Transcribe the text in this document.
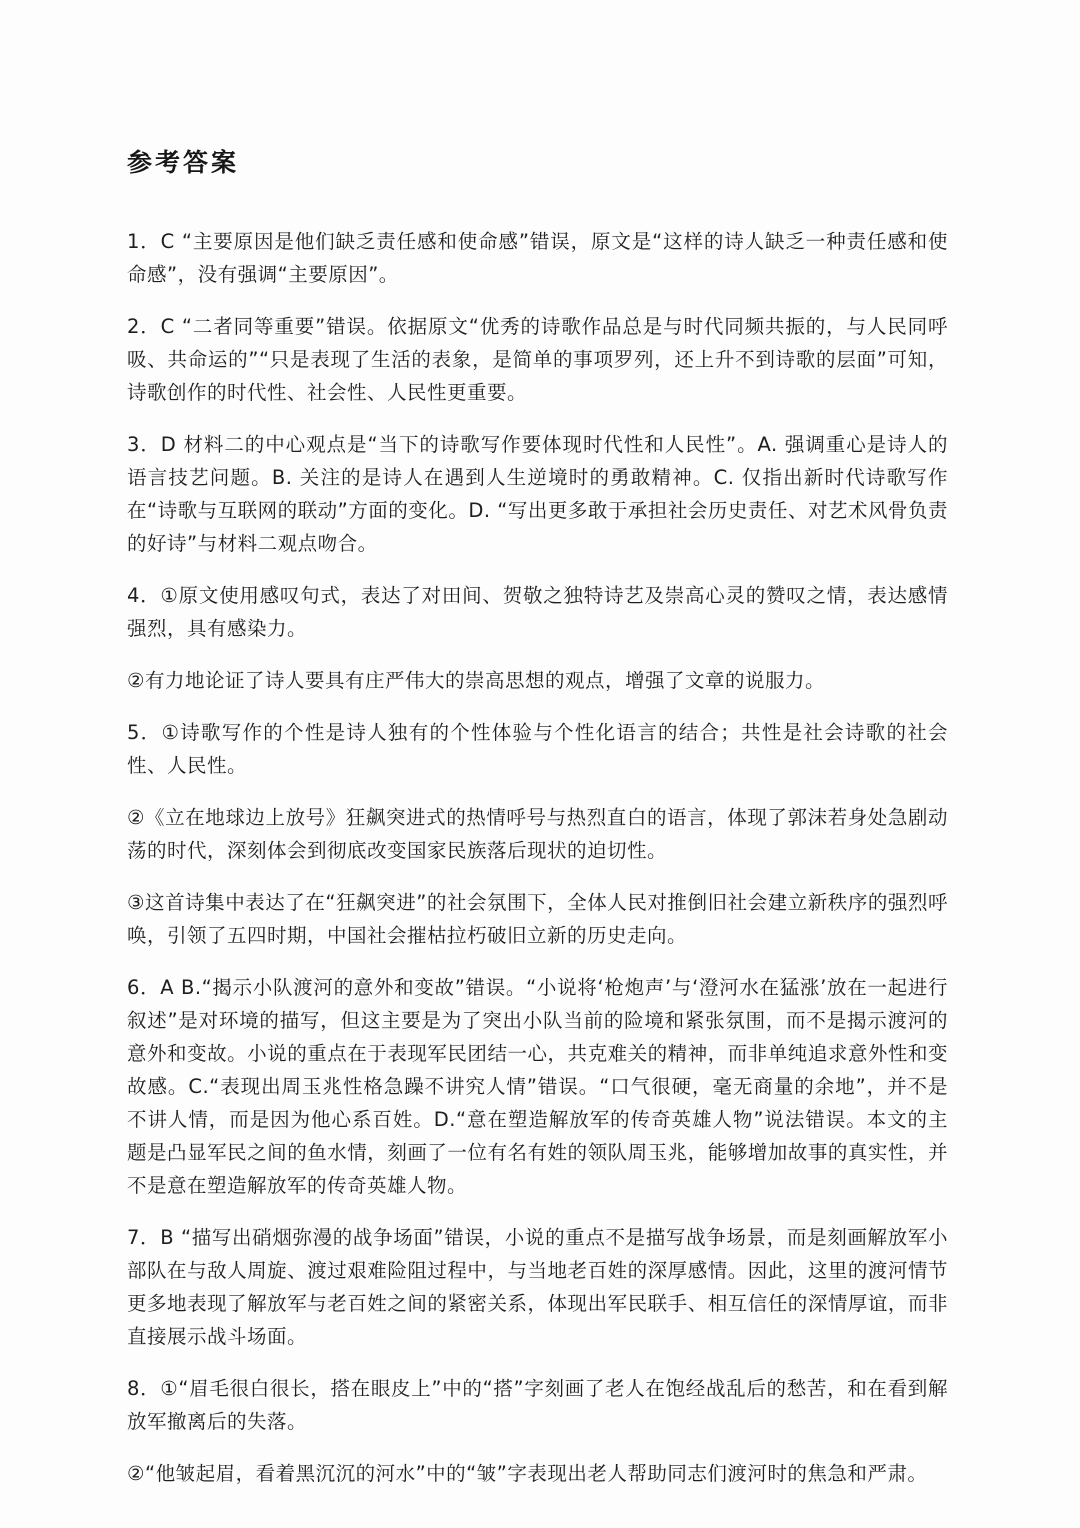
参考答案

1．C “主要原因是他们缺乏责任感和使命感”错误，原文是“这样的诗人缺乏一种责任感和使命感”，没有强调“主要原因”。

2．C “二者同等重要”错误。依据原文“优秀的诗歌作品总是与时代同频共振的，与人民同呼吸、共命运的”“只是表现了生活的表象，是简单的事项罗列，还上升不到诗歌的层面”可知，诗歌创作的时代性、社会性、人民性更重要。

3．D 材料二的中心观点是“当下的诗歌写作要体现时代性和人民性”。A. 强调重心是诗人的语言技艺问题。B. 关注的是诗人在遇到人生逆境时的勇敢精神。C. 仅指出新时代诗歌写作在“诗歌与互联网的联动”方面的变化。D. “写出更多敢于承担社会历史责任、对艺术风骨负责的好诗”与材料二观点吻合。

4．①原文使用感叹句式，表达了对田间、贺敬之独特诗艺及崇高心灵的赞叹之情，表达感情强烈，具有感染力。

②有力地论证了诗人要具有庄严伟大的崇高思想的观点，增强了文章的说服力。

5．①诗歌写作的个性是诗人独有的个性体验与个性化语言的结合；共性是社会诗歌的社会性、人民性。

②《立在地球边上放号》狂飙突进式的热情呼号与热烈直白的语言，体现了郭沫若身处急剧动荡的时代，深刻体会到彻底改变国家民族落后现状的迫切性。

③这首诗集中表达了在“狂飙突进”的社会氛围下，全体人民对推倒旧社会建立新秩序的强烈呼唤，引领了五四时期，中国社会摧枯拉朽破旧立新的历史走向。

6．A B.“揭示小队渡河的意外和变故”错误。“小说将‘枪炮声’与‘澄河水在猛涨’放在一起进行叙述”是对环境的描写，但这主要是为了突出小队当前的险境和紧张氛围，而不是揭示渡河的意外和变故。小说的重点在于表现军民团结一心，共克难关的精神，而非单纯追求意外性和变故感。C.“表现出周玉兆性格急躁不讲究人情”错误。“口气很硬，毫无商量的余地”，并不是不讲人情，而是因为他心系百姓。D.“意在塑造解放军的传奇英雄人物”说法错误。本文的主题是凸显军民之间的鱼水情，刻画了一位有名有姓的领队周玉兆，能够增加故事的真实性，并不是意在塑造解放军的传奇英雄人物。

7．B “描写出硝烟弥漫的战争场面”错误，小说的重点不是描写战争场景，而是刻画解放军小部队在与敌人周旋、渡过艰难险阻过程中，与当地老百姓的深厚感情。因此，这里的渡河情节更多地表现了解放军与老百姓之间的紧密关系，体现出军民联手、相互信任的深情厚谊，而非直接展示战斗场面。

8．①“眉毛很白很长，搭在眼皮上”中的“搭”字刻画了老人在饱经战乱后的愁苦，和在看到解放军撤离后的失落。

②“他皱起眉，看着黑沉沉的河水”中的“皱”字表现出老人帮助同志们渡河时的焦急和严肃。
